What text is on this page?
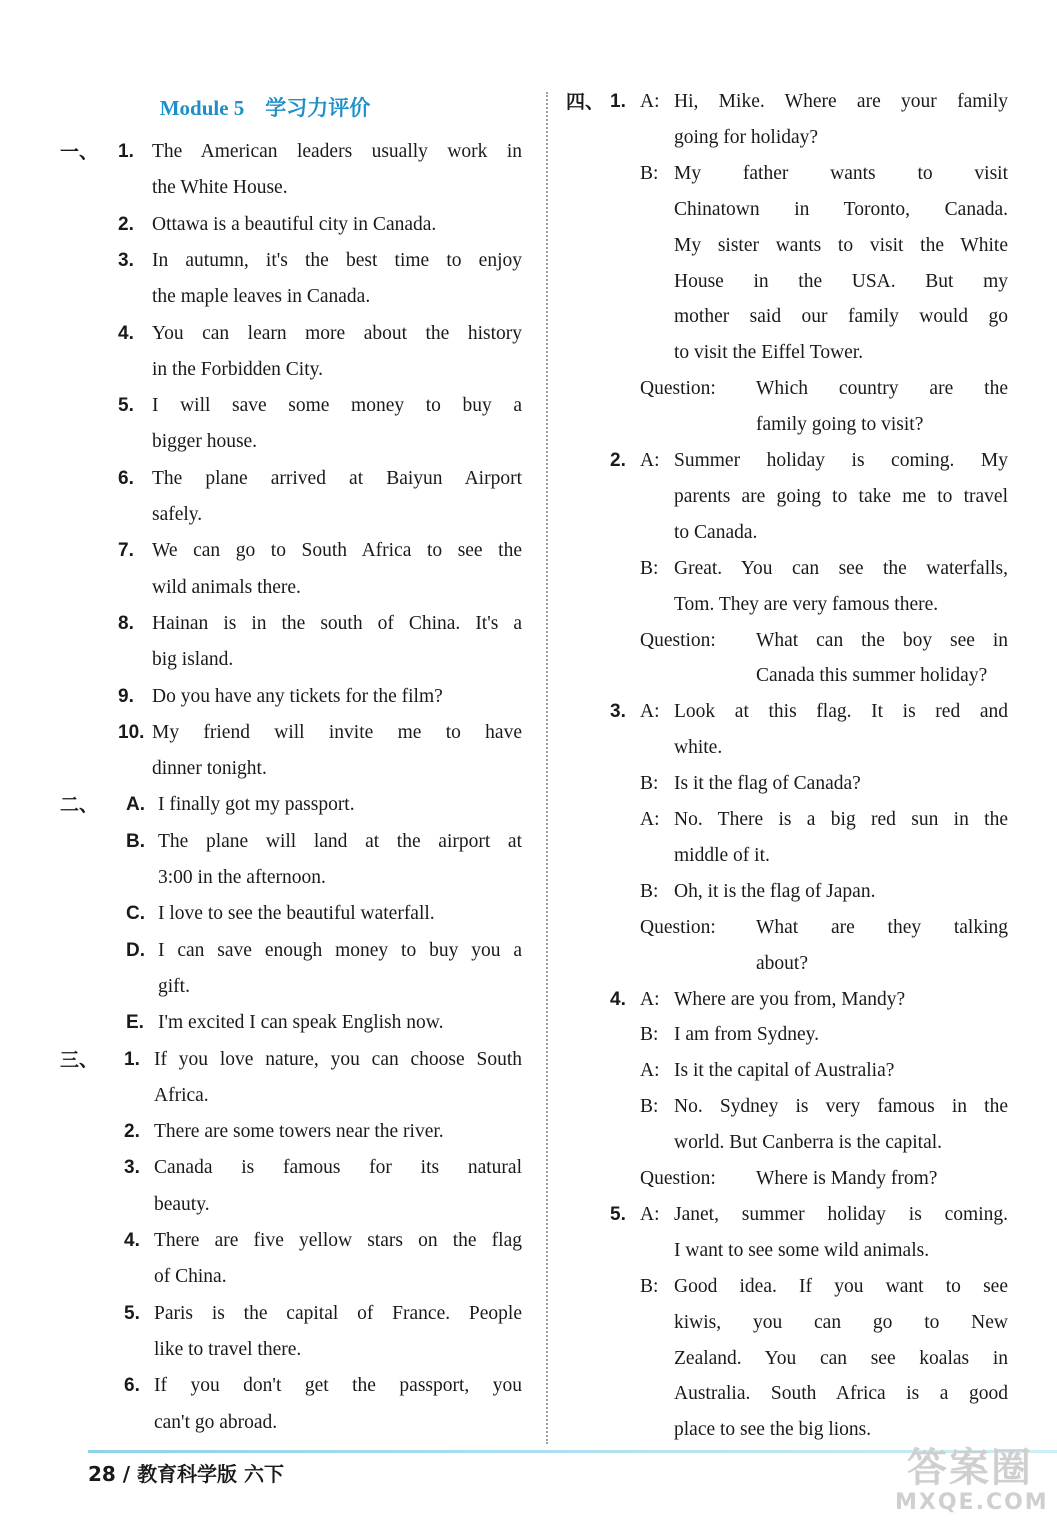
Module 5　学习力评价
一、 1. The American leaders usually work in
the White House.
2. Ottawa is a beautiful city in Canada.
3. In autumn, it's the best time to enjoy
the maple leaves in Canada.
4. You can learn more about the history
in the Forbidden City.
5. I will save some money to buy a
bigger house.
6. The plane arrived at Baiyun Airport
safely.
7. We can go to South Africa to see the
wild animals there.
8. Hainan is in the south of China. It's a
big island.
9. Do you have any tickets for the film?
10. My friend will invite me to have
dinner tonight.
二、 A. I finally got my passport.
B. The plane will land at the airport at
3:00 in the afternoon.
C. I love to see the beautiful waterfall.
D. I can save enough money to buy you a
gift.
E. I'm excited I can speak English now.
三、 1. If you love nature, you can choose South
Africa.
2. There are some towers near the river.
3. Canada is famous for its natural
beauty.
4. There are five yellow stars on the flag
of China.
5. Paris is the capital of France. People
like to travel there.
6. If you don't get the passport, you
can't go abroad.
四、 1. A: Hi, Mike. Where are your family
going for holiday?
B: My father wants to visit
Chinatown in Toronto, Canada.
My sister wants to visit the White
House in the USA. But my
mother said our family would go
to visit the Eiffel Tower.
Question: Which country are the
family going to visit?
2. A: Summer holiday is coming. My
parents are going to take me to travel
to Canada.
B: Great. You can see the waterfalls,
Tom. They are very famous there.
Question: What can the boy see in
Canada this summer holiday?
3. A: Look at this flag. It is red and
white.
B: Is it the flag of Canada?
A: No. There is a big red sun in the
middle of it.
B: Oh, it is the flag of Japan.
Question: What are they talking
about?
4. A: Where are you from, Mandy?
B: I am from Sydney.
A: Is it the capital of Australia?
B: No. Sydney is very famous in the
world. But Canberra is the capital.
Question: Where is Mandy from?
5. A: Janet, summer holiday is coming.
I want to see some wild animals.
B: Good idea. If you want to see
kiwis, you can go to New
Zealand. You can see koalas in
Australia. South Africa is a good
place to see the big lions.
28 / 教育科学版 六下	答案圈
MXQE.COM
